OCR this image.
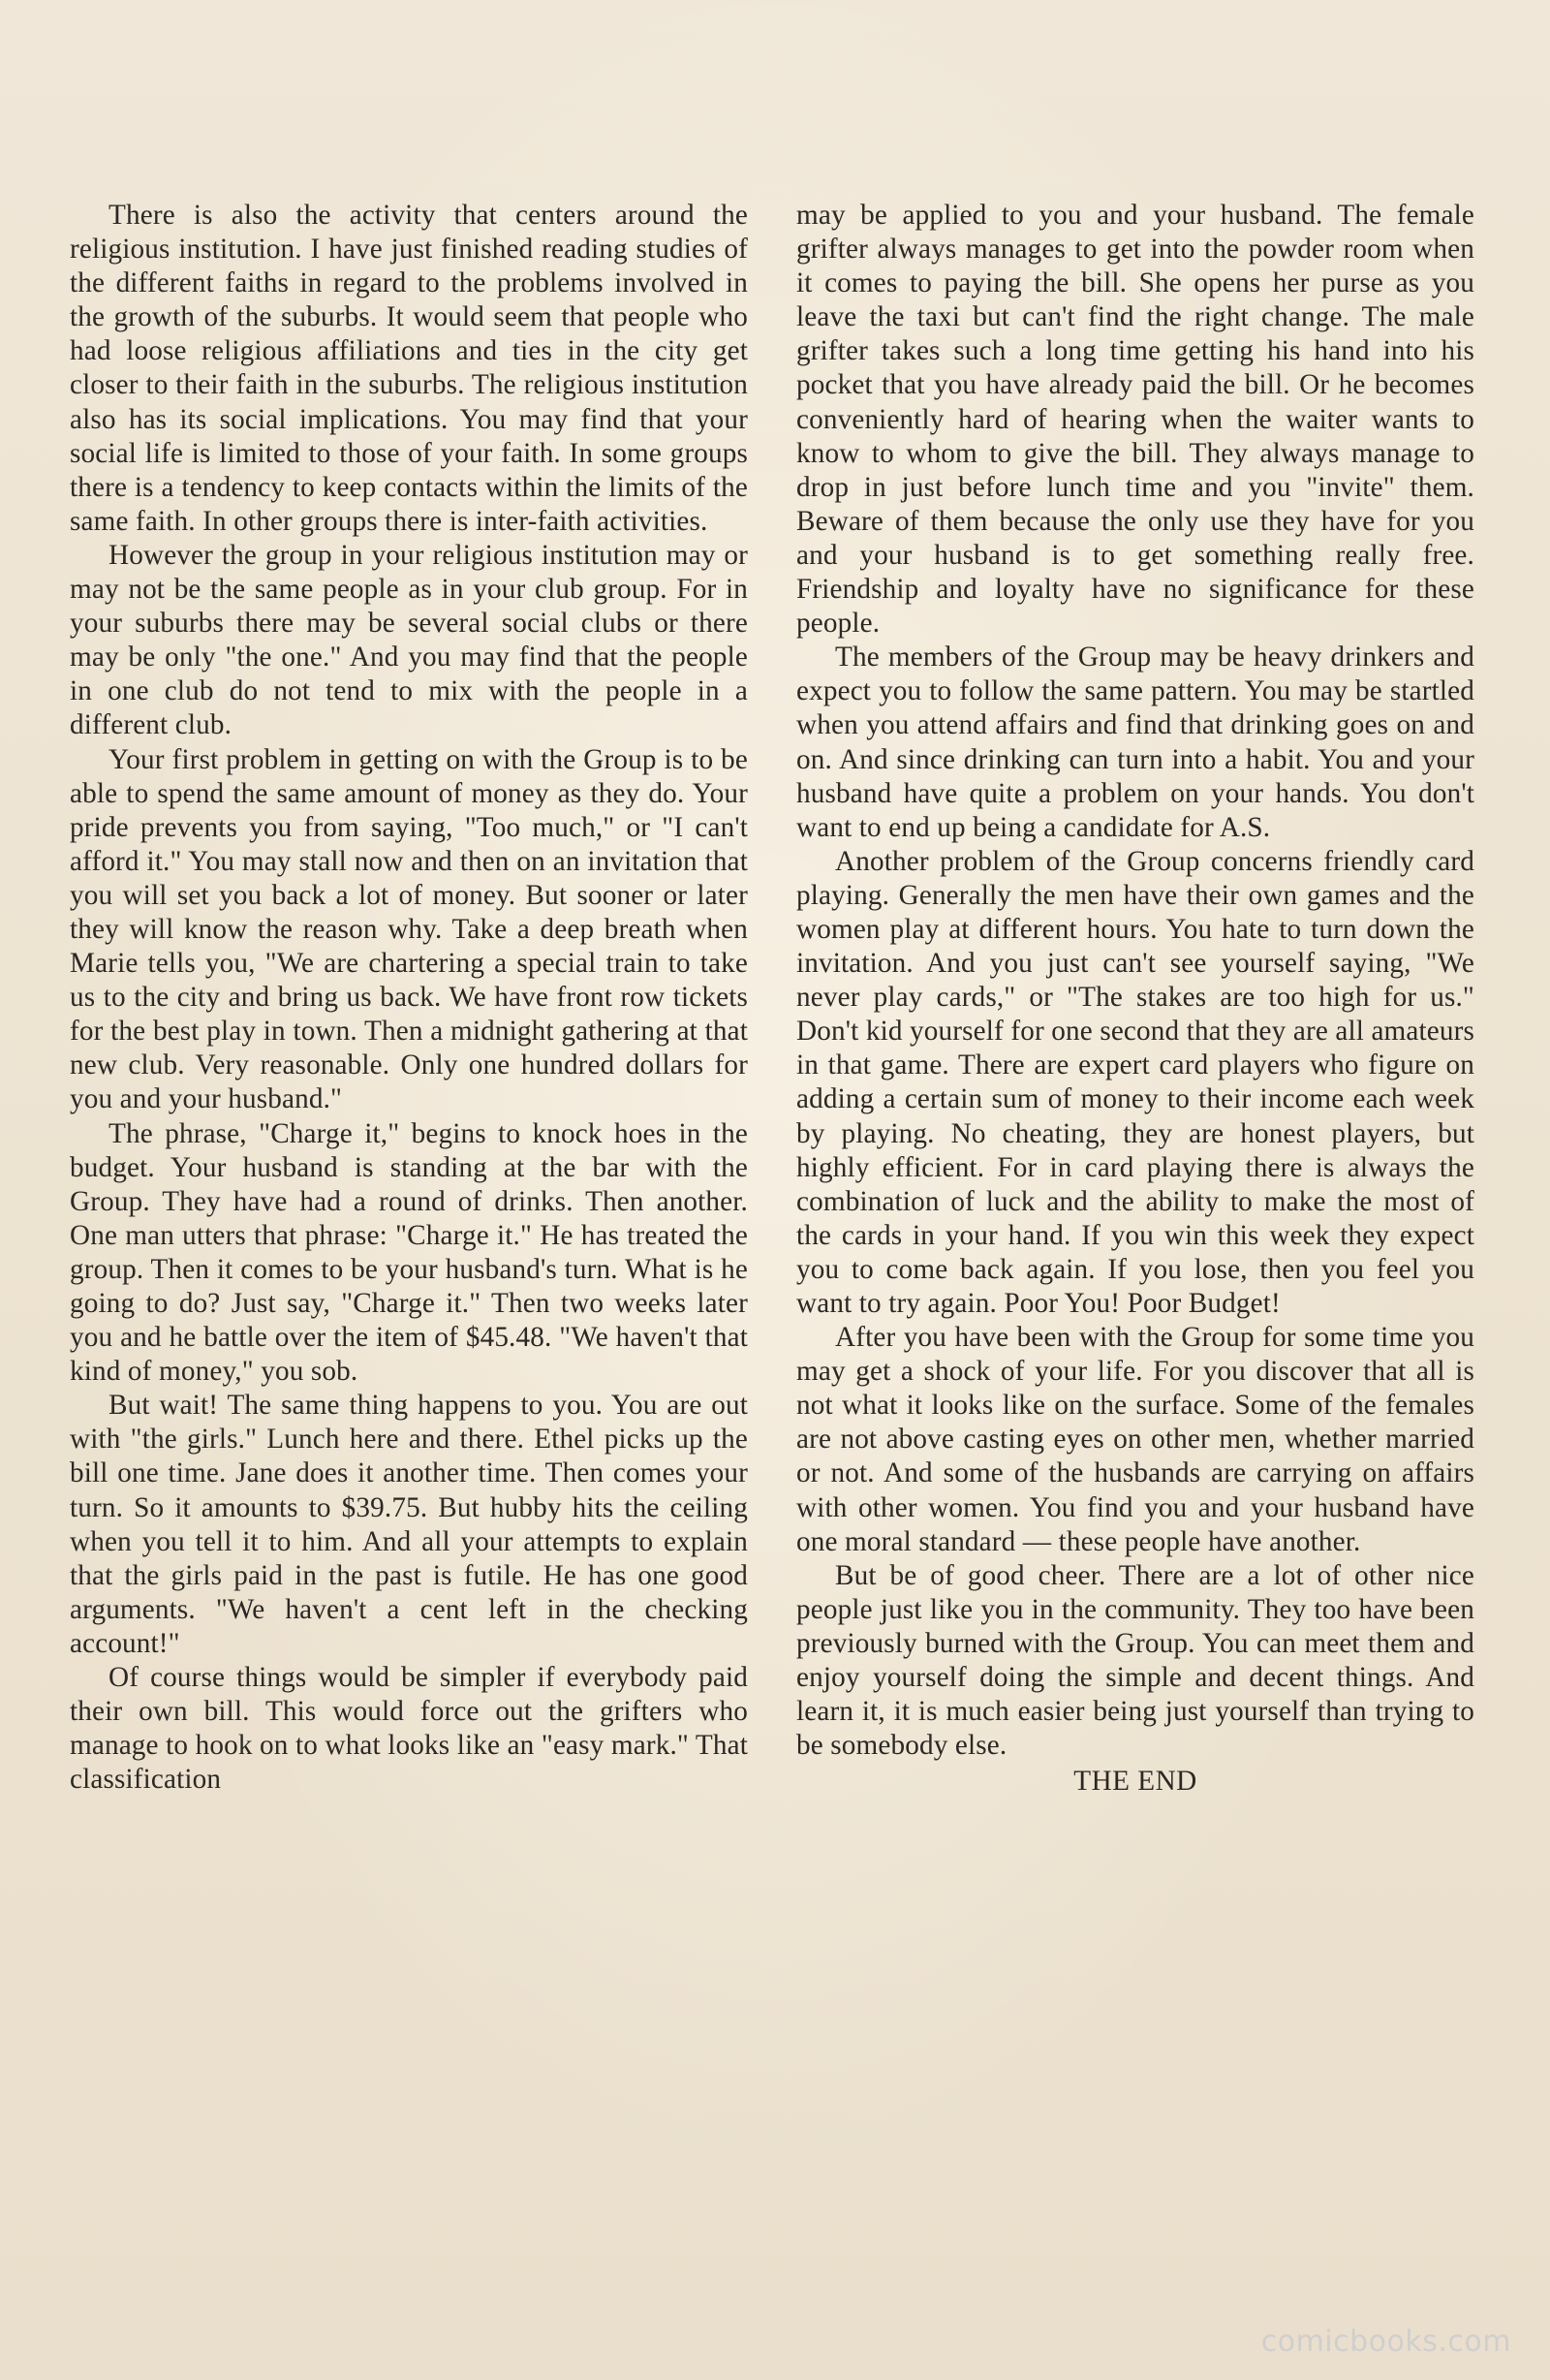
There is also the activity that centers around the religious institution. I have just finished reading studies of the different faiths in regard to the problems involved in the growth of the suburbs. It would seem that people who had loose religious affiliations and ties in the city get closer to their faith in the suburbs. The religious institution also has its social implications. You may find that your social life is limited to those of your faith. In some groups there is a tendency to keep contacts within the limits of the same faith. In other groups there is inter-faith activities.

However the group in your religious institution may or may not be the same people as in your club group. For in your suburbs there may be several social clubs or there may be only "the one." And you may find that the people in one club do not tend to mix with the people in a different club.

Your first problem in getting on with the Group is to be able to spend the same amount of money as they do. Your pride prevents you from saying, "Too much," or "I can't afford it." You may stall now and then on an invitation that you will set you back a lot of money. But sooner or later they will know the reason why. Take a deep breath when Marie tells you, "We are chartering a special train to take us to the city and bring us back. We have front row tickets for the best play in town. Then a midnight gathering at that new club. Very reasonable. Only one hundred dollars for you and your husband."

The phrase, "Charge it," begins to knock hoes in the budget. Your husband is standing at the bar with the Group. They have had a round of drinks. Then another. One man utters that phrase: "Charge it." He has treated the group. Then it comes to be your husband's turn. What is he going to do? Just say, "Charge it." Then two weeks later you and he battle over the item of $45.48. "We haven't that kind of money," you sob.

But wait! The same thing happens to you. You are out with "the girls." Lunch here and there. Ethel picks up the bill one time. Jane does it another time. Then comes your turn. So it amounts to $39.75. But hubby hits the ceiling when you tell it to him. And all your attempts to explain that the girls paid in the past is futile. He has one good arguments. "We haven't a cent left in the checking account!"

Of course things would be simpler if everybody paid their own bill. This would force out the grifters who manage to hook on to what looks like an "easy mark." That classification

may be applied to you and your husband. The female grifter always manages to get into the powder room when it comes to paying the bill. She opens her purse as you leave the taxi but can't find the right change. The male grifter takes such a long time getting his hand into his pocket that you have already paid the bill. Or he becomes conveniently hard of hearing when the waiter wants to know to whom to give the bill. They always manage to drop in just before lunch time and you "invite" them. Beware of them because the only use they have for you and your husband is to get something really free. Friendship and loyalty have no significance for these people.

The members of the Group may be heavy drinkers and expect you to follow the same pattern. You may be startled when you attend affairs and find that drinking goes on and on. And since drinking can turn into a habit. You and your husband have quite a problem on your hands. You don't want to end up being a candidate for A.S.

Another problem of the Group concerns friendly card playing. Generally the men have their own games and the women play at different hours. You hate to turn down the invitation. And you just can't see yourself saying, "We never play cards," or "The stakes are too high for us." Don't kid yourself for one second that they are all amateurs in that game. There are expert card players who figure on adding a certain sum of money to their income each week by playing. No cheating, they are honest players, but highly efficient. For in card playing there is always the combination of luck and the ability to make the most of the cards in your hand. If you win this week they expect you to come back again. If you lose, then you feel you want to try again. Poor You! Poor Budget!

After you have been with the Group for some time you may get a shock of your life. For you discover that all is not what it looks like on the surface. Some of the females are not above casting eyes on other men, whether married or not. And some of the husbands are carrying on affairs with other women. You find you and your husband have one moral standard — these people have another.

But be of good cheer. There are a lot of other nice people just like you in the community. They too have been previously burned with the Group. You can meet them and enjoy yourself doing the simple and decent things. And learn it, it is much easier being just yourself than trying to be somebody else.

THE END

comicbooks.com
